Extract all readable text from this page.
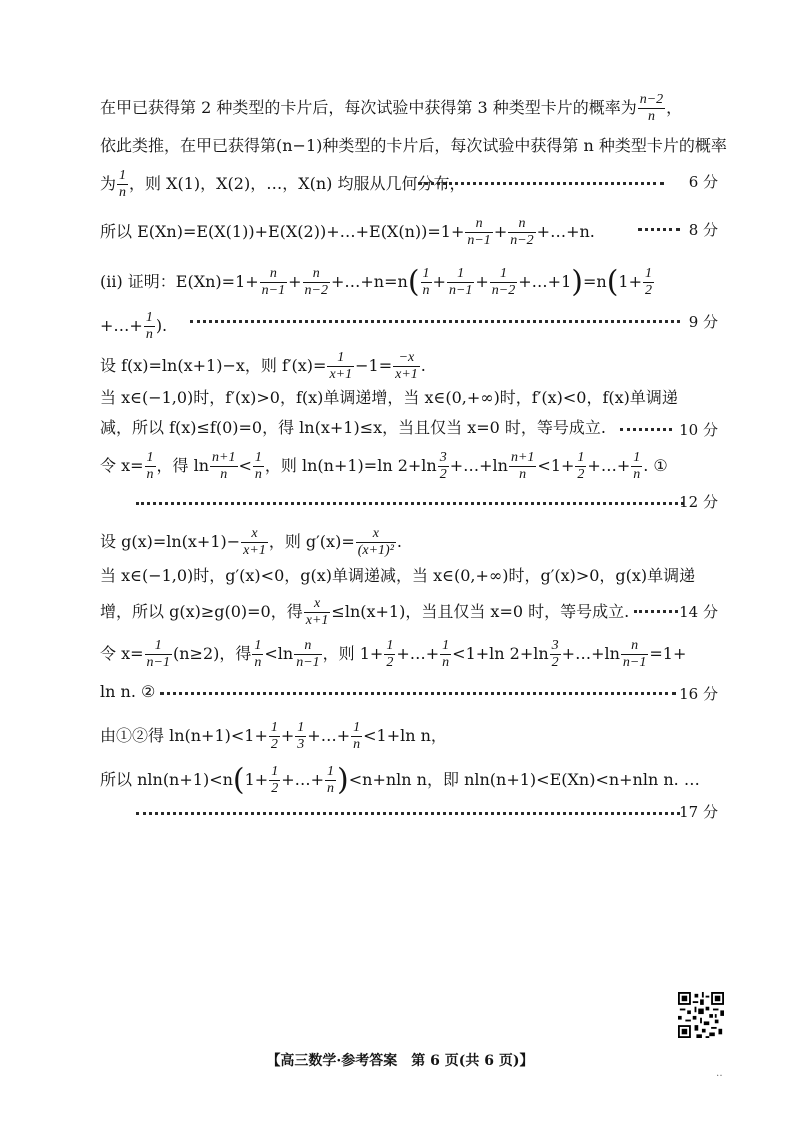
在甲已获得第 2 种类型的卡片后，每次试验中获得第 3 种类型卡片的概率为 $\frac{n-2}{n}$ ，
依此类推，在甲已获得第(n−1)种类型的卡片后，每次试验中获得第 n 种类型卡片的概率
为 $\frac{1}{n}$ ，则 X(1)，X(2)，…，X(n) 均服从几何分布，	6 分
所以 E(Xn)=E(X(1))+E(X(2))+…+E(X(n))=1+ $\frac{n}{n-1} + \frac{n}{n-2}$ +…+n.	8 分
(ⅱ) 证明：$E(Xn)=1+ \frac{n}{n-1} + \frac{n}{n-2}$ +…+n=n( $\frac{1}{n} + \frac{1}{n-1} + \frac{1}{n-2}$ +…+1)=n(1+ $\frac{1}{2}$
+…+ $\frac{1}{n}$ ).	9 分
设 f(x)=ln(x+1)−x，则 $f'(x)= \frac{1}{x+1} -1= \frac{-x}{x+1}$ .
当 x∈(−1,0)时，f′(x)>0，f(x)单调递增，当 x∈(0,+∞)时，f′(x)<0，f(x)单调递
减，所以 f(x)≤f(0)=0，得 ln(x+1)≤x，当且仅当 x=0 时，等号成立.	10 分
令 $x= \frac{1}{n}$ ，得 $\ln \frac{n+1}{n} < \frac{1}{n}$ ，则 ln(n+1)=ln $2+\ln \frac{3}{2}$ +…+ln $\frac{n+1}{n} <1+ \frac{1}{2}$ +…+ $\frac{1}{n}$ . ①
12 分
设 $g(x)=\ln(x+1)- \frac{x}{x+1}$ ，则 $g'(x)= \frac{x}{\text{(x+1)²}}$ .
当 x∈(−1,0)时，g′(x)<0，g(x)单调递减，当 x∈(0,+∞)时，g′(x)>0，g(x)单调递
增，所以 g(x)≥g(0)=0，得 $\frac{x}{x+1} \le\ln(x+1)$，当且仅当 x=0 时，等号成立.	14 分
令 $x= \frac{1}{n-1} (n\ge 2)$，得 $\frac{1}{n} <\ln \frac{n}{n-1}$ ，则 $1+ \frac{1}{2}$ +…+ $\frac{1}{n} <1+\ln$ $2+\ln \frac{3}{2}$ +…+ln $\frac{n}{n-1} =1+$
ln n. ②	16 分
由①②得 $\ln(n+1)<1+ \frac{1}{2} + \frac{1}{3}$ +…+ $\frac{1}{n} <1+\ln$ n，
所以 $nln(n+1)<n(1+ \frac{1}{2}$ +…+ $\frac{1}{n} )<n+nln$ n，即 nln(n+1)<E(Xn)<n+nln n. …
17 分
【高三数学·参考答案　第 6 页(共 6 页)】
‥
